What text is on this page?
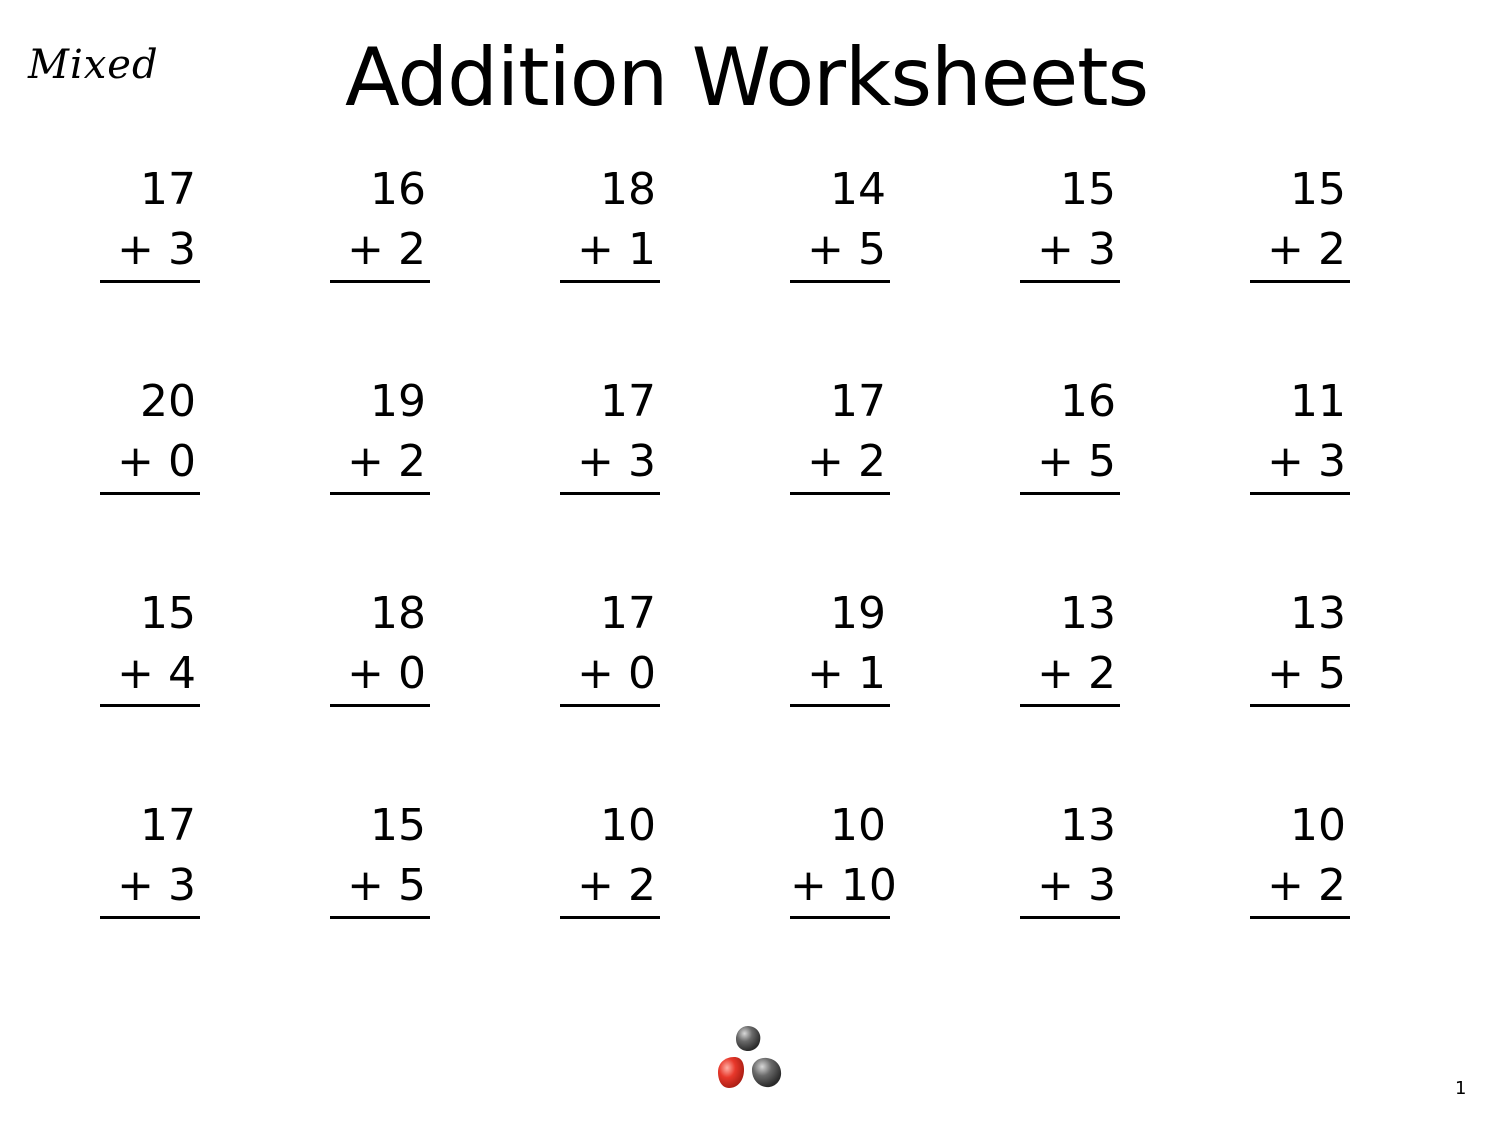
Mixed Addition Worksheets
17
+ 3
16
+ 2
18
+ 1
14
+ 5
15
+ 3
15
+ 2
20
+ 0
19
+ 2
17
+ 3
17
+ 2
16
+ 5
11
+ 3
15
+ 4
18
+ 0
17
+ 0
19
+ 1
13
+ 2
13
+ 5
17
+ 3
15
+ 5
10
+ 2
10
+ 10
13
+ 3
10
+ 2
1
